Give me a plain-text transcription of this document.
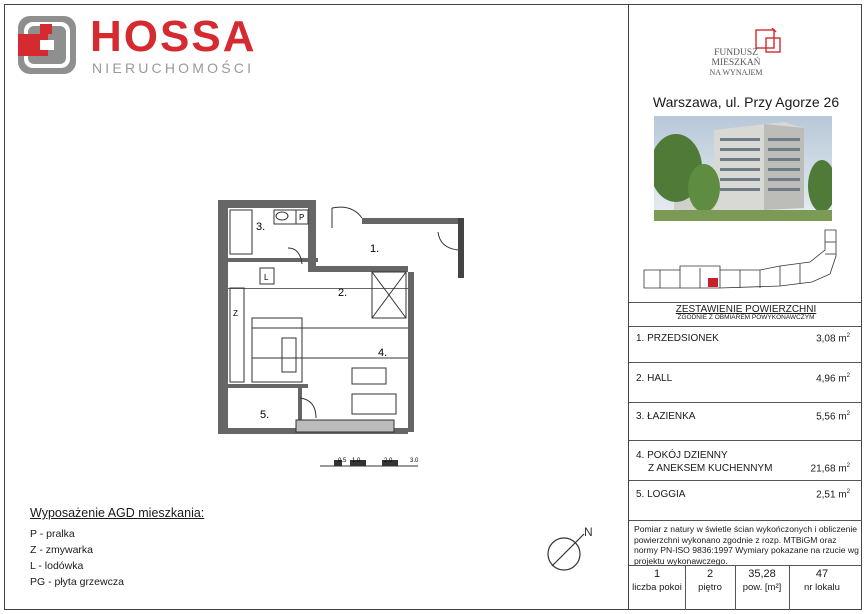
HOSSA
NIERUCHOMOŚCI
1.
2.
3.
4.
5.
P
L
Z
0.5 1.0	2.0	3.0
Wyposażenie AGD mieszkania:
P - pralka
Z - zmywarka
L - lodówka
PG - płyta grzewcza
N
FUNDUSZ
MIESZKAŃ
NA WYNAJEM
Warszawa, ul. Przy Agorze 26
ZESTAWIENIE POWIERZCHNI
ZGODNIE Z OBMIAREM POWYKONAWCZYM
1. PRZEDSIONEK	3,08 $m^2$
2. HALL	4,96 $m^2$
3. ŁAZIENKA	5,56 $m^2$
4. POKÓJ DZIENNY
Z ANEKSEM KUCHENNYM	21,68 $m^2$
5. LOGGIA	2,51 $m^2$
Pomiar z natury w świetle ścian wykończonych i obliczenie powierzchni wykonano zgodnie z rozp. MTBiGM oraz normy PN-ISO 9836:1997 Wymiary pokazane na rzucie wg projektu wykonawczego.
1
liczba pokoi
2
piętro
35,28
pow. [m²]
47
nr lokalu
